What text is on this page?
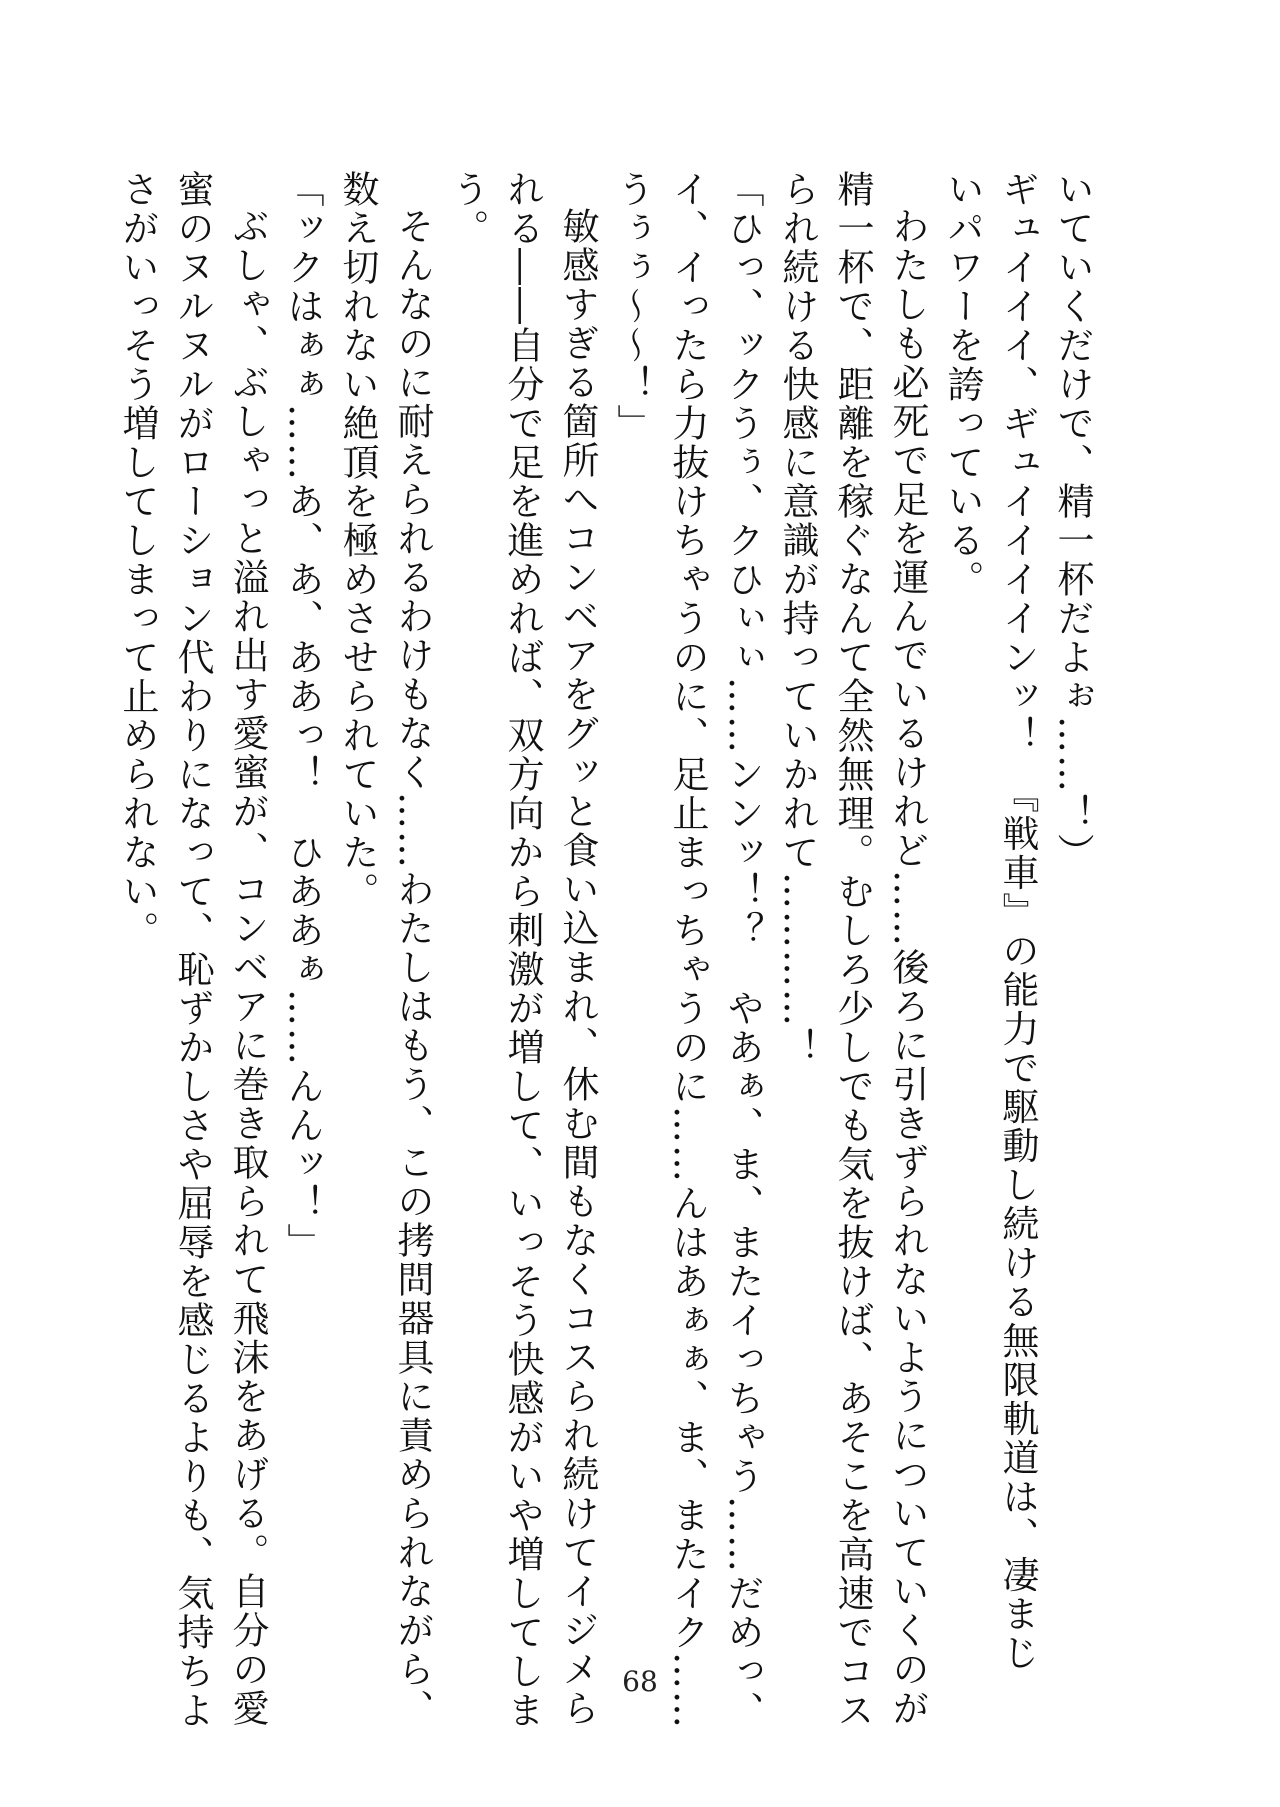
いていくだけで、精一杯だよぉ……！）
ギュイイイ、ギュイイイインッ！　『戦車』の能力で駆動し続ける無限軌道は、凄まじ
いパワーを誇っている。
わたしも必死で足を運んでいるけれど……後ろに引きずられないようについていくのが
精一杯で、距離を稼ぐなんて全然無理。むしろ少しでも気を抜けば、あそこを高速でコス
られ続ける快感に意識が持っていかれて…………！
「ひっ、ックうぅ、クひぃぃ……ンンッ！？　やあぁ、ま、またイっちゃう……だめっ、
イ、イったら力抜けちゃうのに、足止まっちゃうのに……んはあぁぁ、ま、またイク……
うぅぅ～～！」
敏感すぎる箇所へコンベアをグッと食い込まれ、休む間もなくコスられ続けてイジメら
れる――自分で足を進めれば、双方向から刺激が増して、いっそう快感がいや増してしま
う。
そんなのに耐えられるわけもなく……わたしはもう、この拷問器具に責められながら、
数え切れない絶頂を極めさせられていた。
「ックはぁぁ……あ、あ、ああっ！　ひああぁ……んんッ！」
ぶしゃ、ぶしゃっと溢れ出す愛蜜が、コンベアに巻き取られて飛沫をあげる。自分の愛
蜜のヌルヌルがローション代わりになって、恥ずかしさや屈辱を感じるよりも、気持ちよ
さがいっそう増してしまって止められない。
68
